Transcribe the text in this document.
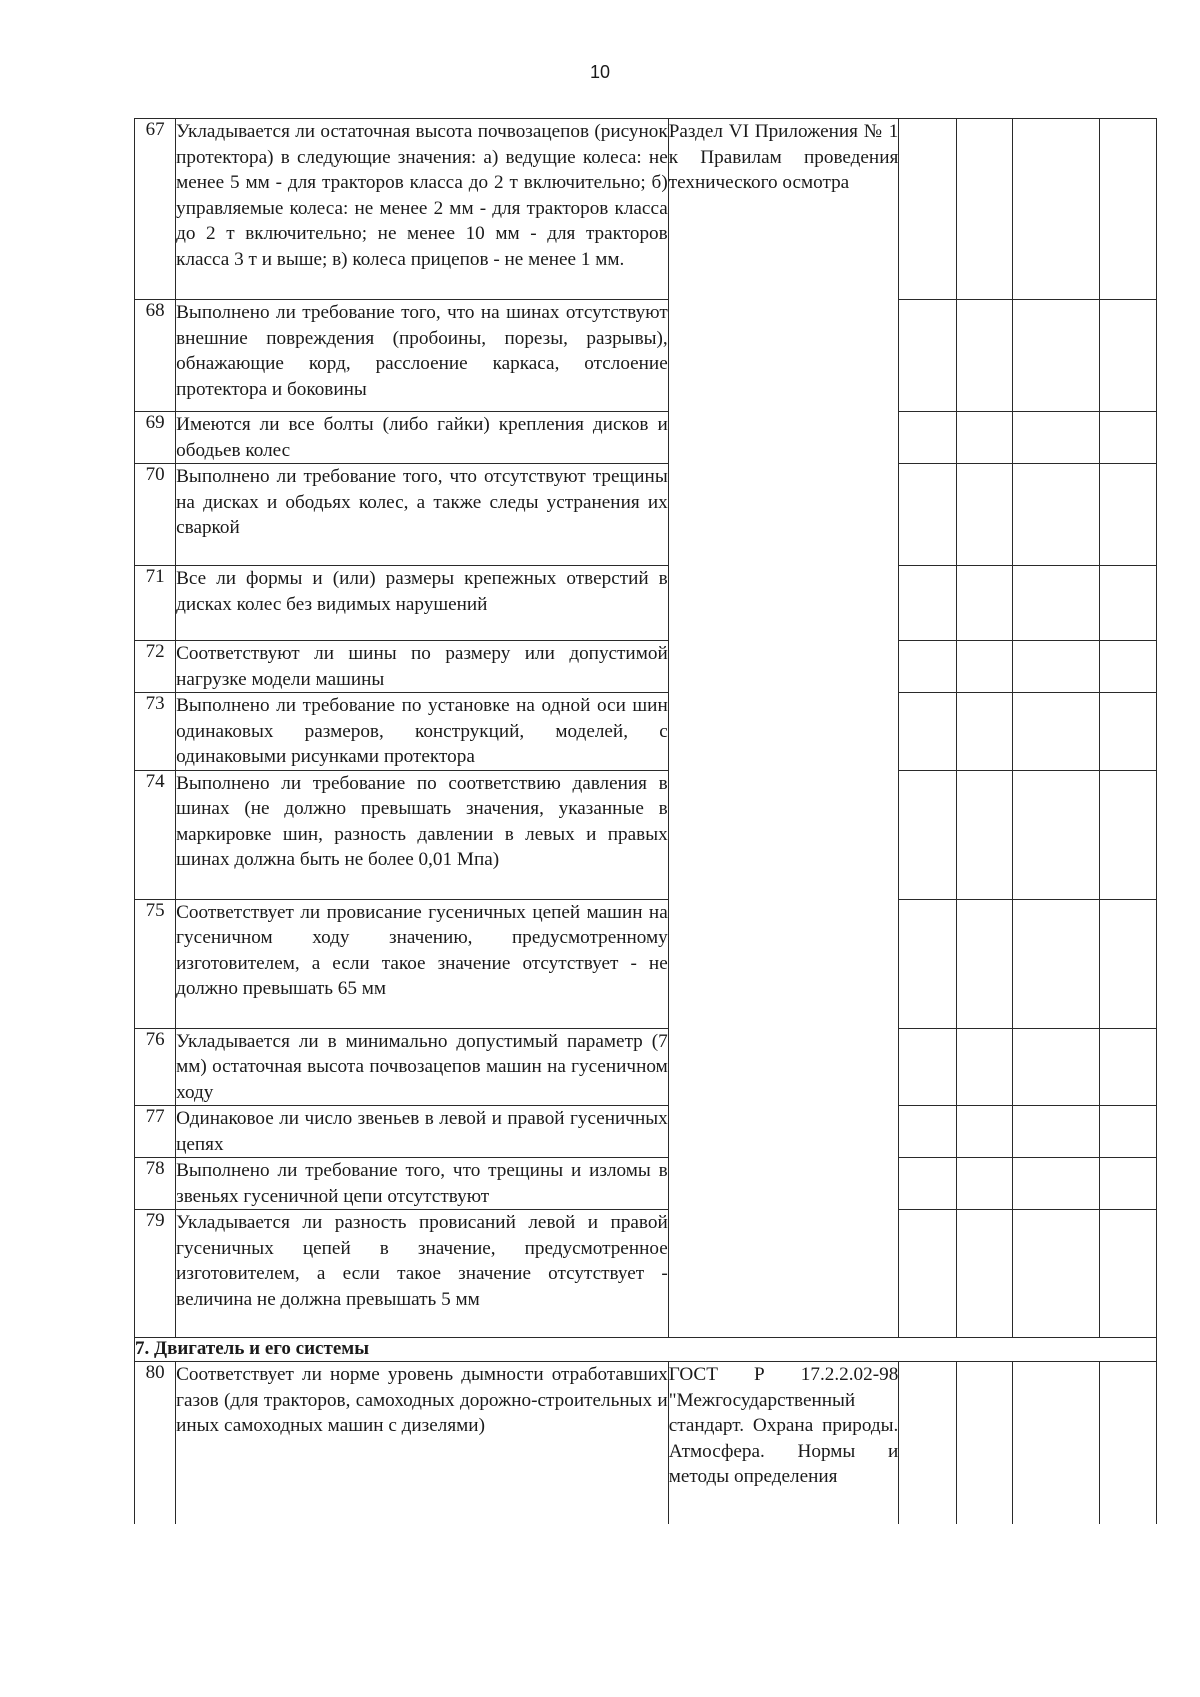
10
67	Укладывается ли остаточная высота почвозацепов (рисунок протектора) в следующие значения: а) ведущие колеса: не менее 5 мм - для тракторов класса до 2 т включительно; б) управляемые колеса: не менее 2 мм - для тракторов класса до 2 т включительно; не менее 10 мм - для тракторов класса 3 т и выше; в) колеса прицепов - не менее 1 мм.	Раздел VI Приложения № 1 к Правилам проведения технического осмотра				
68	Выполнено ли требование того, что на шинах отсутствуют внешние повреждения (пробоины, порезы, разрывы), обнажающие корд, расслоение каркаса, отслоение протектора и боковины					
69	Имеются ли все болты (либо гайки) крепления дисков и ободьев колес					
70	Выполнено ли требование того, что отсутствуют трещины на дисках и ободьях колес, а также следы устранения их сваркой					
71	Все ли формы и (или) размеры крепежных отверстий в дисках колес без видимых нарушений					
72	Соответствуют ли шины по размеру или допустимой нагрузке модели машины					
73	Выполнено ли требование по установке на одной оси шин одинаковых размеров, конструкций, моделей, с одинаковыми рисунками протектора					
74	Выполнено ли требование по соответствию давления в шинах (не должно превышать значения, указанные в маркировке шин, разность давлении в левых и правых шинах должна быть не более 0,01 Мпа)					
75	Соответствует ли провисание гусеничных цепей машин на гусеничном ходу значению, предусмотренному изготовителем, а если такое значение отсутствует - не должно превышать 65 мм					
76	Укладывается ли в минимально допустимый параметр (7 мм) остаточная высота почвозацепов машин на гусеничном ходу					
77	Одинаковое ли число звеньев в левой и правой гусеничных цепях					
78	Выполнено ли требование того, что трещины и изломы в звеньях гусеничной цепи отсутствуют					
79	Укладывается ли разность провисаний левой и правой гусеничных цепей в значение, предусмотренное изготовителем, а если такое значение отсутствует - величина не должна превышать 5 мм					
7. Двигатель и его системы						
80	Соответствует ли норме уровень дымности отработавших газов (для тракторов, самоходных дорожно-строительных и иных самоходных машин с дизелями)	ГОСТ Р 17.2.2.02-98 "Межгосударственный стандарт. Охрана природы. Атмосфера. Нормы и методы определения				
